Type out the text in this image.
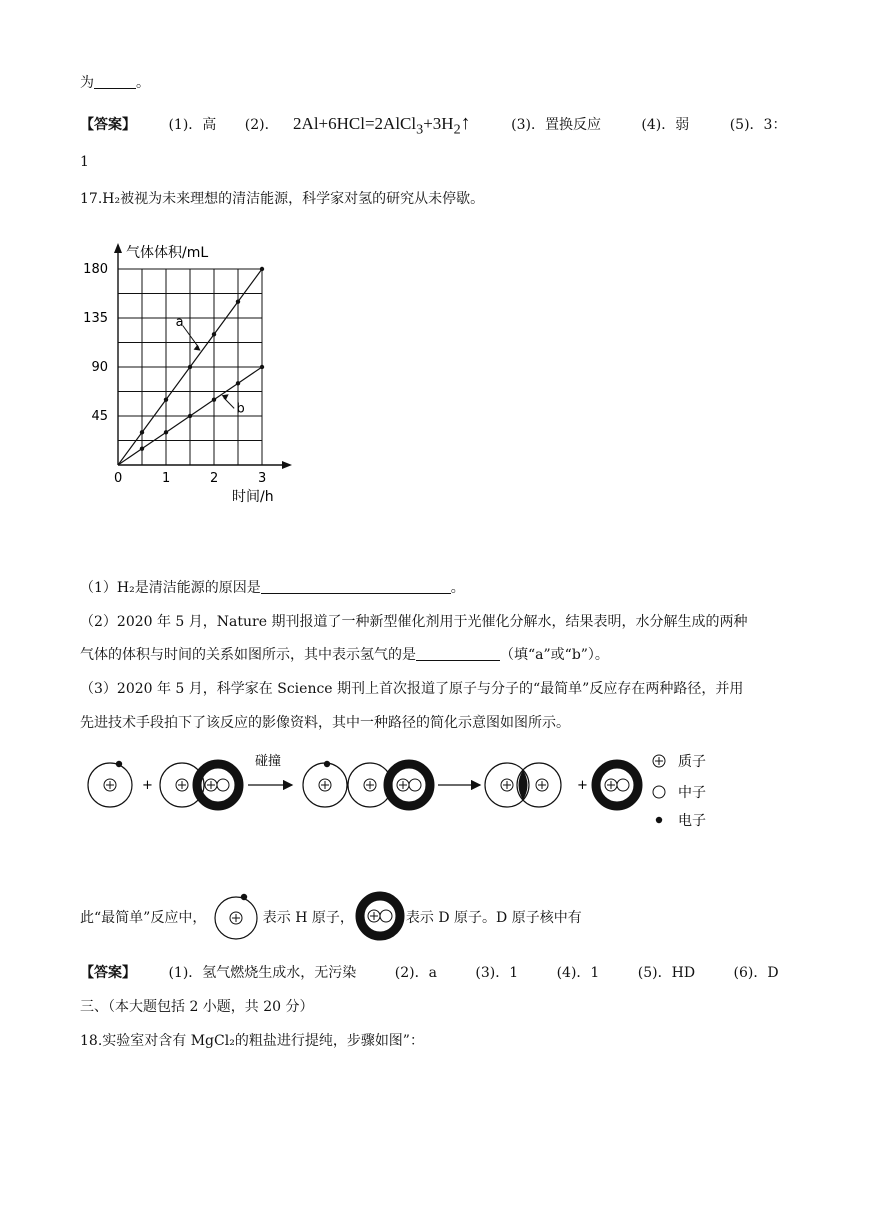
为	。
【答案】 (1)．高 (2)． $2Al+6HCl=2AlCl_3+3H_2↑$	(3)．置换反应	(4)．弱	(5)．3：
1
17.H₂被视为未来理想的清洁能源，科学家对氢的研究从未停歇。
气体体积/mL
时间/h
0	1	2	3
45
90
135
180
a
b
（1）H₂是清洁能源的原因是	。
（2）2020 年 5 月，Nature 期刊报道了一种新型催化剂用于光催化分解水，结果表明，水分解生成的两种
气体的体积与时间的关系如图所示，其中表示氢气的是	（填“a”或“b”）。
（3）2020 年 5 月，科学家在 Science 期刊上首次报道了原子与分子的“最简单”反应存在两种路径，并用
先进技术手段拍下了该反应的影像资料，其中一种路径的简化示意图如图所示。
+
碰撞
+
质子
中子
电子
此“最简单”反应中，	表示 H 原子，	表示 D 原子。D 原子核中有
【答案】 (1)．氢气燃烧生成水，无污染	(2)．a	(3)．1	(4)．1	(5)．HD	(6)．D
三、（本大题包括 2 小题，共 20 分）
18.实验室对含有 MgCl₂的粗盐进行提纯，步骤如图”：
